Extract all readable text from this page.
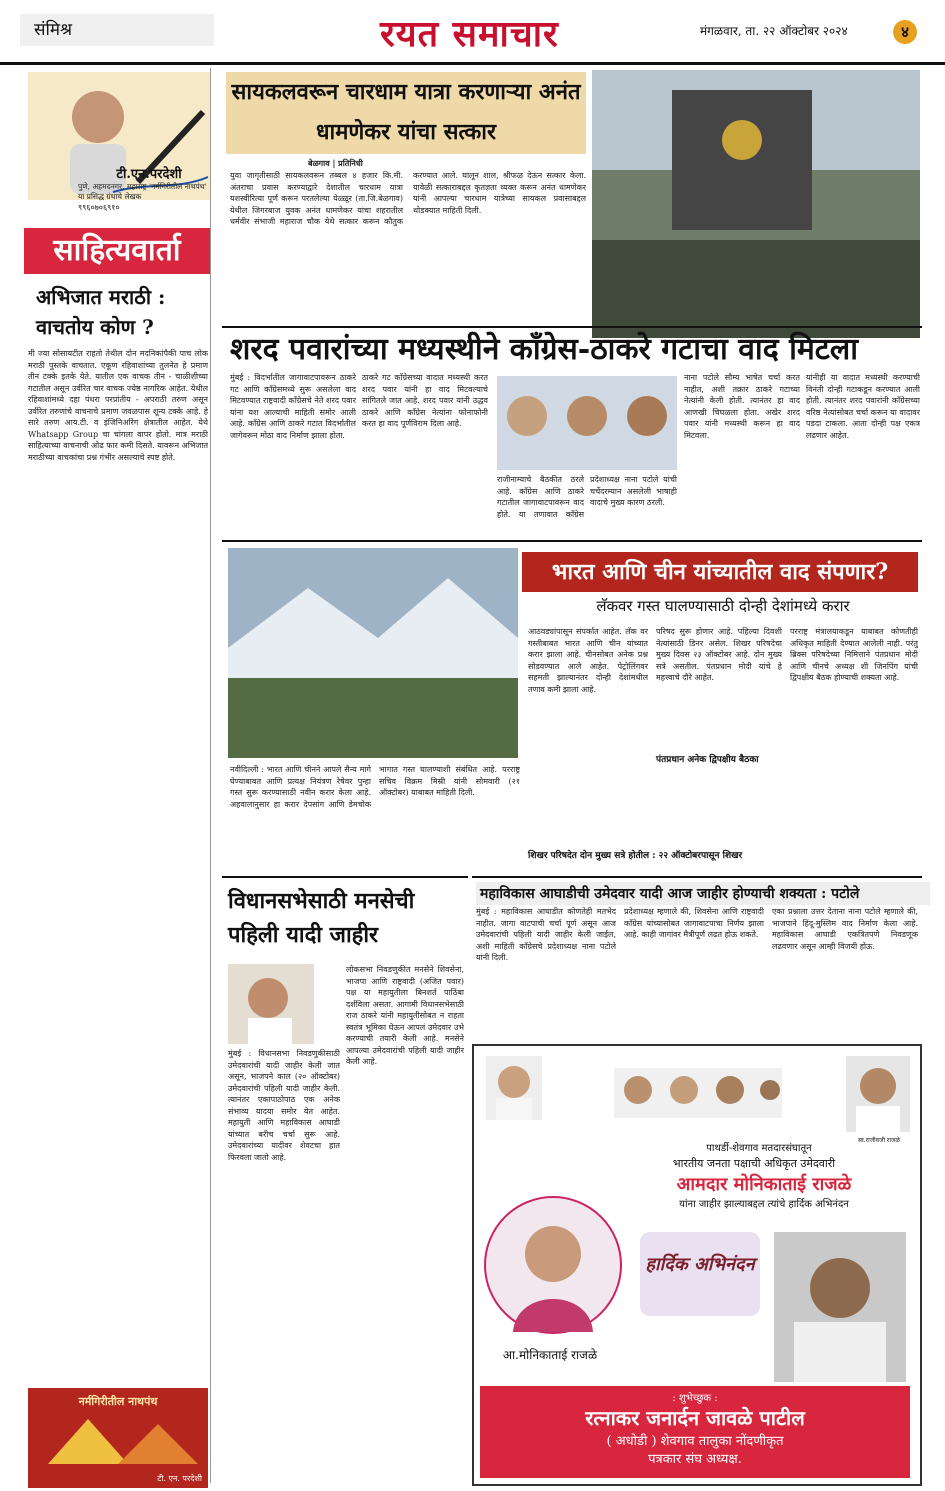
संमिश्र	रयत समाचार	मंगळवार, ता. २२ ऑक्टोबर २०२४	४
टी.एन.परदेशी
पुणे, अहमदनगर, महाराष्ट्र 'नर्मगिरीतील नाथपंथ' या प्रसिद्ध ग्रंथाचे लेखक
९९६०७०६९१०
साहित्यवार्ता
अभिजात मराठी : वाचतोय कोण ?
मी ज्या सोसायटीत राहतो तेथील दोन मदनिकांपैकी पाच लोक मराठी पुस्तके वाचतात. एकूण रहिवाशांच्या तुलनेत हे प्रमाण तीन टक्के इतके येते. यातील एक वाचक तीन - चाळीशीच्या गटातील असून उर्वरित चार वाचक ज्येष्ठ नागरिक आहेत. येथील रहिवाशांमध्ये दहा पंधरा परप्रांतीय - अपराठी तरुण असून उर्वरित तरुणांचे वाचनाचे प्रमाण जवळपास शून्य टक्के आहे. हे सारे तरुण आय.टी. व इंजिनिअरिंग क्षेत्रातील आहेत. येथे Whatsapp Group चा चांगला वापर होतो. मात्र मराठी साहित्याच्या वाचनाची ओढ फार कमी दिसते. यावरून अभिजात मराठीच्या वाचकांचा प्रश्न गंभीर असल्याचे स्पष्ट होते.
नर्मगिरीतील नाथपंथ
टी. एन. परदेशी
सायकलवरून चारधाम यात्रा करणाऱ्या अनंत धामणेकर यांचा सत्कार
बेळगाव | प्रतिनिधी
युवा जागृतीसाठी सायकलवरून तब्बल ४ हजार कि.मी. अंतराचा प्रवास करण्याद्वारे देशातील चारधाम यात्रा यशस्वीरित्या पूर्ण करून परतलेल्या येळ्ळूर (ता.जि.बेळगाव) येथील जिगरबाज युवक अनंत धामणेकर यांचा शहरातील धर्मवीर संभाजी महाराज चौक येथे सत्कार करून कौतुक करण्यात आले. घालून शाल, श्रीफळ देऊन सत्कार केला. यावेळी सत्काराबद्दल कृतज्ञता व्यक्त करून अनंत धामणेकर यांनी आपल्या चारधाम यात्रेच्या सायकल प्रवासाबद्दल थोडक्यात माहिती दिली.
शरद पवारांच्या मध्यस्थीने काँग्रेस-ठाकरे गटाचा वाद मिटला
मुंबई : विदर्भातील जागावाटपावरून ठाकरे गट आणि काँग्रेसमध्ये सुरू असलेला वाद मिटवण्यात राष्ट्रवादी काँग्रेसचे नेते शरद पवार यांना यश आल्याची माहिती समोर आली आहे. काँग्रेस आणि ठाकरे गटात विदर्भातील जागेवरून मोठा वाद निर्माण झाला होता.
ठाकरे गट काँग्रेसच्या वादात मध्यस्थी करत शरद पवार यांनी हा वाद मिटवल्याचे सांगितले जात आहे. शरद पवार यांनी उद्धव ठाकरे आणि काँग्रेस नेत्यांना फोनाफोनी करत हा वाद पूर्णविराम दिला आहे.
राजीनाम्याचे बैठकीत ठरले आहे. काँग्रेस आणि ठाकरे गटातील जागावाटपावरून वाद होते. या तणावात काँग्रेस प्रदेशाध्यक्ष नाना पटोले यांची चर्चेदरम्यान असलेली भाषाही वादाचे मुख्य कारण ठरली.
नाना पटोले सौम्य भाषेत चर्चा करत नाहीत, अशी तक्रार ठाकरे गटाच्या नेत्यांनी केली होती. त्यानंतर हा वाद आणखी चिघळला होता. अखेर शरद पवार यांनी मध्यस्थी करून हा वाद मिटवला.
यांनीही या वादात मध्यस्थी करण्याची विनंती दोन्ही गटाकडून करण्यात आली होती. त्यानंतर शरद पवारांनी काँग्रेसच्या वरिष्ठ नेत्यांसोबत चर्चा करून या वादावर पडदा टाकला. आता दोन्ही पक्ष एकत्र लढणार आहेत.
भारत आणि चीन यांच्यातील वाद संपणार?
लॅकवर गस्त घालण्यासाठी दोन्ही देशांमध्ये करार
नवीदिल्ली : भारत आणि चीनने आपले सैन्य मागे घेण्याबाबत आणि प्रत्यक्ष नियंत्रण रेषेवर पुन्हा गस्त सुरू करण्यासाठी नवीन करार केला आहे. अहवालानुसार हा करार देपसांग आणि डेमचोक भागात गस्त घालण्याशी संबंधित आहे. परराष्ट्र सचिव विक्रम मिस्री यांनी सोमवारी (२१ ऑक्टोबर) याबाबत माहिती दिली.
आठवड्यांपासून संपर्कात आहेत. लॅक वर गस्तीबाबत भारत आणि चीन यांच्यात करार झाला आहे. चीनसोबत अनेक प्रश्न सोडवण्यात आले आहेत. पेट्रोलिंगवर सहमती झाल्यानंतर दोन्ही देशांमधील तणाव कमी झाला आहे.
शिखर परिषदेत दोन मुख्य सत्रे होतील : २२ ऑक्टोबरपासून शिखर
परिषद सुरू होणार आहे. पहिल्या दिवशी नेत्यांसाठी डिनर असेल. शिखर परिषदेचा मुख्य दिवस २३ ऑक्टोबर आहे. दोन मुख्य सत्रे असतील. पंतप्रधान मोदी यांचे हे महत्त्वाचे दौरे आहेत.
पंतप्रधान अनेक द्विपक्षीय बैठका
परराष्ट्र मंत्रालयाकडून याबाबत कोणतीही अधिकृत माहिती देण्यात आलेली नाही. परंतु ब्रिक्स परिषदेच्या निमित्ताने पंतप्रधान मोदी आणि चीनचे अध्यक्ष शी जिनपिंग यांची द्विपक्षीय बैठक होण्याची शक्यता आहे.
विधानसभेसाठी मनसेची पहिली यादी जाहीर
मुंबई : विधानसभा निवडणुकीसाठी उमेदवारांची यादी जाहीर केली जात असून, भाजपने काल (२० ऑक्टोबर) उमेदवारांची पहिली यादी जाहीर केली. त्यानंतर एकापाठोपाठ एक अनेक संभाव्य यादया समोर येत आहेत. महायुती आणि महाविकास आघाडी यांच्यात बरीच चर्चा सुरू आहे. उमेदवारांच्या यादीवर शेवटचा हात फिरवला जातो आहे.
लोकसभा निवडणुकीत मनसेने शिवसेना, भाजपा आणि राष्ट्रवादी (अजित पवार) पक्ष या महायुतीला बिनशर्त पाठिंबा दर्शविला असता. आगामी विधानसभेसाठी राज ठाकरे यांनी महायुतीसोबत न राहता स्वतंत्र भूमिका घेऊन आपलं उमेदवार उभे करण्याची तयारी केली आहे. मनसेने आपल्या उमेदवारांची पहिली यादी जाहीर केली आहे.
महाविकास आघाडीची उमेदवार यादी आज जाहीर होण्याची शक्यता : पटोले
मुंबई : महाविकास आघाडीत कोणतेही मतभेद नाहीत. जागा वाटपाची चर्चा पूर्ण असून आज उमेदवारांची पहिली यादी जाहीर केली जाईल, अशी माहिती काँग्रेसचे प्रदेशाध्यक्ष नाना पटोले यांनी दिली.
प्रदेशाध्यक्ष म्हणाले की, शिवसेना आणि राष्ट्रवादी काँग्रेस यांच्यासोबत जागावाटपाचा निर्णय झाला आहे. काही जागांवर मैत्रीपूर्ण लढत होऊ शकते.
एका प्रश्नाला उत्तर देताना नाना पटोले म्हणाले की, भाजपाने हिंदू-मुस्लिम वाद निर्माण केला आहे. महाविकास आघाडी एकत्रितपणे निवडणूक लढवणार असून आम्ही विजयी होऊ.
स्व.राजीवजी राजळे
पाथर्डी-शेवगाव मतदारसंघातून
भारतीय जनता पक्षाची अधिकृत उमेदवारी
आमदार मोनिकाताई राजळे
यांना जाहीर झाल्याबद्दल त्यांचे हार्दिक अभिनंदन
आ.मोनिकाताई राजळे
हार्दिक अभिनंदन
: शुभेच्छुक :
रत्नाकर जनार्दन जावळे पाटील
( अधोडी ) शेवगाव तालुका नोंदणीकृत
पत्रकार संघ अध्यक्ष.
